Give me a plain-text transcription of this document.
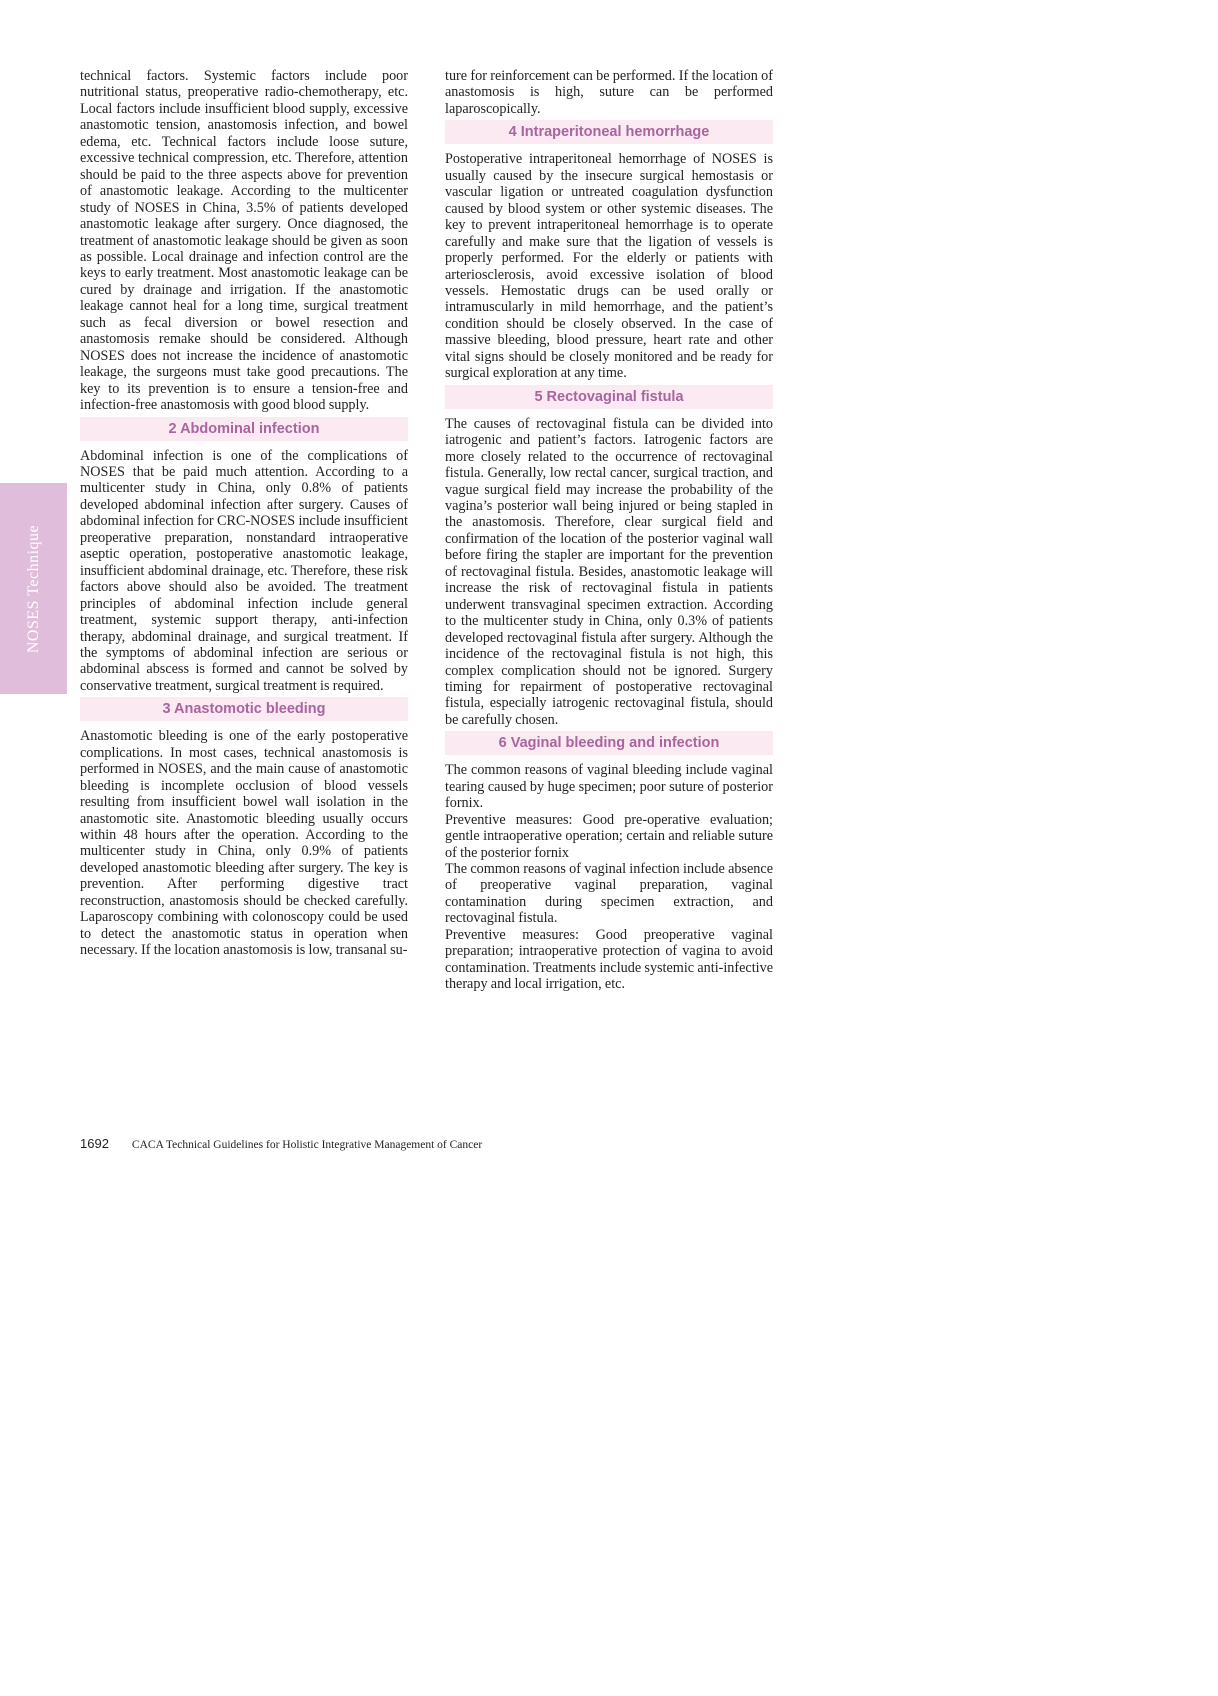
NOSES Technique

technical factors. Systemic factors include poor nutritional status, preoperative radio-chemotherapy, etc. Local factors include insufficient blood supply, excessive anastomotic tension, anastomosis infection, and bowel edema, etc. Technical factors include loose suture, excessive technical compression, etc. Therefore, attention should be paid to the three aspects above for prevention of anastomotic leakage. According to the multicenter study of NOSES in China, 3.5% of patients developed anastomotic leakage after surgery. Once diagnosed, the treatment of anastomotic leakage should be given as soon as possible. Local drainage and infection control are the keys to early treatment. Most anastomotic leakage can be cured by drainage and irrigation. If the anastomotic leakage cannot heal for a long time, surgical treatment such as fecal diversion or bowel resection and anastomosis remake should be considered. Although NOSES does not increase the incidence of anastomotic leakage, the surgeons must take good precautions. The key to its prevention is to ensure a tension-free and infection-free anastomosis with good blood supply.

2 Abdominal infection

Abdominal infection is one of the complications of NOSES that be paid much attention. According to a multicenter study in China, only 0.8% of patients developed abdominal infection after surgery. Causes of abdominal infection for CRC-NOSES include insufficient preoperative preparation, nonstandard intraoperative aseptic operation, postoperative anastomotic leakage, insufficient abdominal drainage, etc. Therefore, these risk factors above should also be avoided. The treatment principles of abdominal infection include general treatment, systemic support therapy, anti-infection therapy, abdominal drainage, and surgical treatment. If the symptoms of abdominal infection are serious or abdominal abscess is formed and cannot be solved by conservative treatment, surgical treatment is required.

3 Anastomotic bleeding

Anastomotic bleeding is one of the early postoperative complications. In most cases, technical anastomosis is performed in NOSES, and the main cause of anastomotic bleeding is incomplete occlusion of blood vessels resulting from insufficient bowel wall isolation in the anastomotic site. Anastomotic bleeding usually occurs within 48 hours after the operation. According to the multicenter study in China, only 0.9% of patients developed anastomotic bleeding after surgery. The key is prevention. After performing digestive tract reconstruction, anastomosis should be checked carefully. Laparoscopy combining with colonoscopy could be used to detect the anastomotic status in operation when necessary. If the location anastomosis is low, transanal su-

ture for reinforcement can be performed. If the location of anastomosis is high, suture can be performed laparoscopically.

4 Intraperitoneal hemorrhage

Postoperative intraperitoneal hemorrhage of NOSES is usually caused by the insecure surgical hemostasis or vascular ligation or untreated coagulation dysfunction caused by blood system or other systemic diseases. The key to prevent intraperitoneal hemorrhage is to operate carefully and make sure that the ligation of vessels is properly performed. For the elderly or patients with arteriosclerosis, avoid excessive isolation of blood vessels. Hemostatic drugs can be used orally or intramuscularly in mild hemorrhage, and the patient’s condition should be closely observed. In the case of massive bleeding, blood pressure, heart rate and other vital signs should be closely monitored and be ready for surgical exploration at any time.

5 Rectovaginal fistula

The causes of rectovaginal fistula can be divided into iatrogenic and patient’s factors. Iatrogenic factors are more closely related to the occurrence of rectovaginal fistula. Generally, low rectal cancer, surgical traction, and vague surgical field may increase the probability of the vagina’s posterior wall being injured or being stapled in the anastomosis. Therefore, clear surgical field and confirmation of the location of the posterior vaginal wall before firing the stapler are important for the prevention of rectovaginal fistula. Besides, anastomotic leakage will increase the risk of rectovaginal fistula in patients underwent transvaginal specimen extraction. According to the multicenter study in China, only 0.3% of patients developed rectovaginal fistula after surgery. Although the incidence of the rectovaginal fistula is not high, this complex complication should not be ignored. Surgery timing for repairment of postoperative rectovaginal fistula, especially iatrogenic rectovaginal fistula, should be carefully chosen.

6 Vaginal bleeding and infection

The common reasons of vaginal bleeding include vaginal tearing caused by huge specimen; poor suture of posterior fornix.

Preventive measures: Good pre-operative evaluation; gentle intraoperative operation; certain and reliable suture of the posterior fornix

The common reasons of vaginal infection include absence of preoperative vaginal preparation, vaginal contamination during specimen extraction, and rectovaginal fistula.

Preventive measures: Good preoperative vaginal preparation; intraoperative protection of vagina to avoid contamination. Treatments include systemic anti-infective therapy and local irrigation, etc.

1692 CACA Technical Guidelines for Holistic Integrative Management of Cancer
